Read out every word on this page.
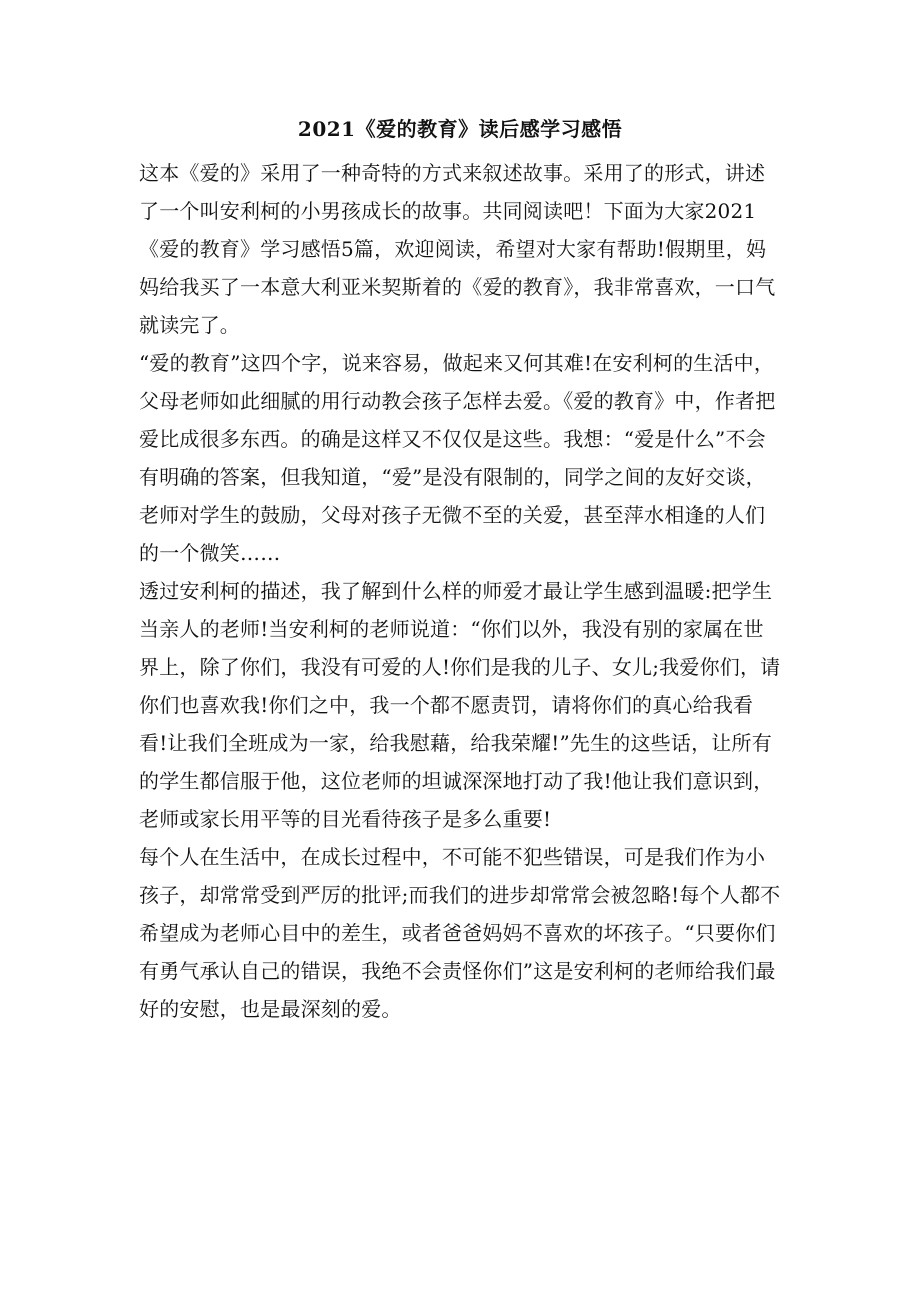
2021《爱的教育》读后感学习感悟

这本《爱的》采用了一种奇特的方式来叙述故事。采用了的形式，讲述了一个叫安利柯的小男孩成长的故事。共同阅读吧！下面为大家2021《爱的教育》学习感悟5篇，欢迎阅读，希望对大家有帮助!假期里，妈妈给我买了一本意大利亚米契斯着的《爱的教育》，我非常喜欢，一口气就读完了。

“爱的教育”这四个字，说来容易，做起来又何其难!在安利柯的生活中，父母老师如此细腻的用行动教会孩子怎样去爱。《爱的教育》中，作者把爱比成很多东西。的确是这样又不仅仅是这些。我想：“爱是什么”不会有明确的答案，但我知道，“爱”是没有限制的，同学之间的友好交谈，老师对学生的鼓励，父母对孩子无微不至的关爱，甚至萍水相逢的人们的一个微笑……

透过安利柯的描述，我了解到什么样的师爱才最让学生感到温暖:把学生当亲人的老师!当安利柯的老师说道：“你们以外，我没有别的家属在世界上，除了你们，我没有可爱的人!你们是我的儿子、女儿;我爱你们，请你们也喜欢我!你们之中，我一个都不愿责罚，请将你们的真心给我看看!让我们全班成为一家，给我慰藉，给我荣耀!”先生的这些话，让所有的学生都信服于他，这位老师的坦诚深深地打动了我!他让我们意识到，老师或家长用平等的目光看待孩子是多么重要!

每个人在生活中，在成长过程中，不可能不犯些错误，可是我们作为小孩子，却常常受到严厉的批评;而我们的进步却常常会被忽略!每个人都不希望成为老师心目中的差生，或者爸爸妈妈不喜欢的坏孩子。“只要你们有勇气承认自己的错误，我绝不会责怪你们”这是安利柯的老师给我们最好的安慰，也是最深刻的爱。
